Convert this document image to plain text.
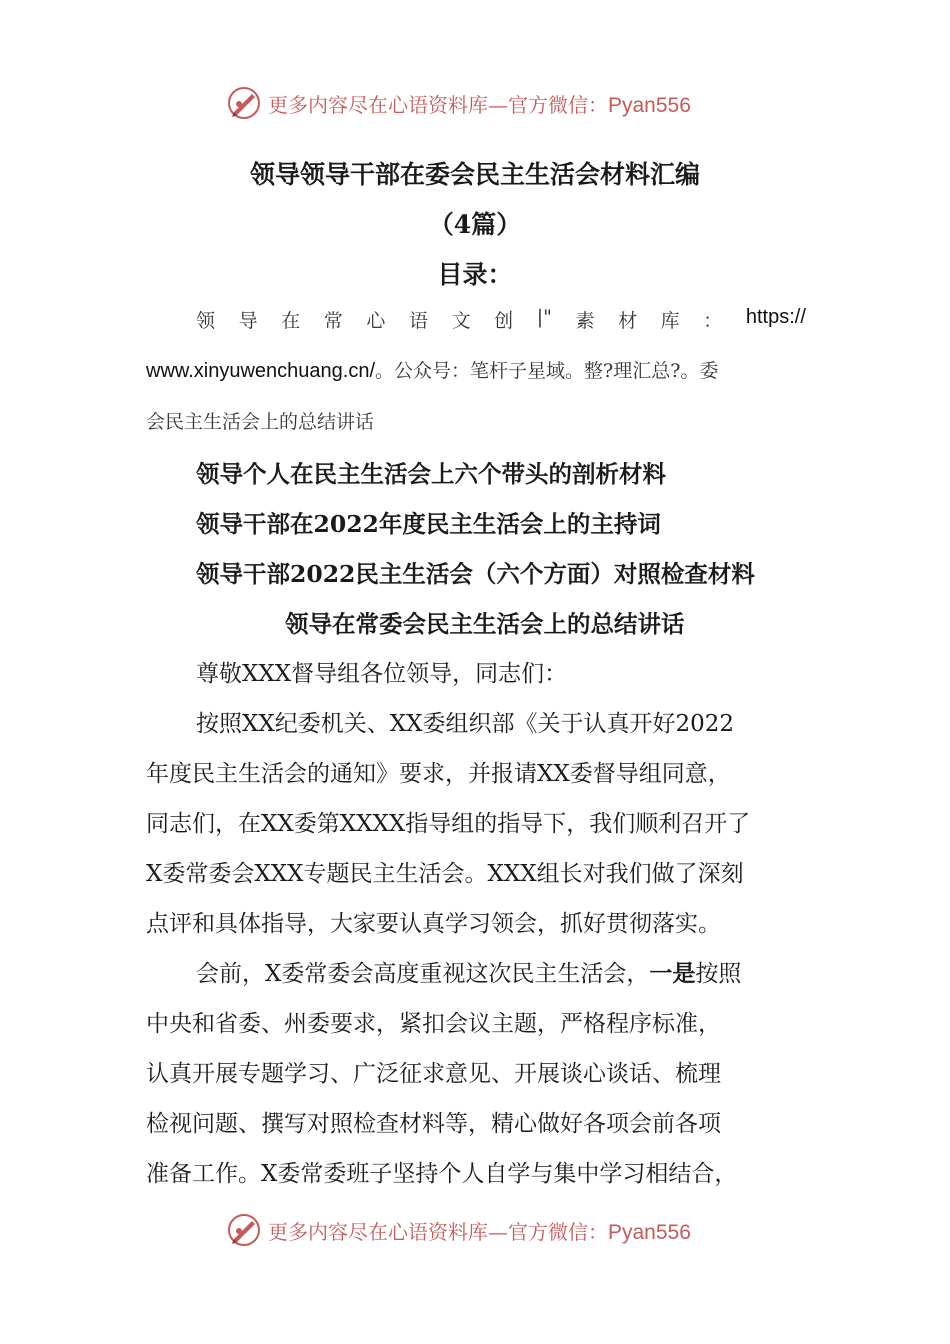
更多内容尽在心语资料库—官方微信：Pyan556
领导领导干部在委会民主生活会材料汇编
（4篇）
目录：
领 导 在 常 心 语 文 创 |" 素 材 库 ： https://
www.xinyuwenchuang.cn/。公众号：笔杆子星域。整?理汇总?。委
会民主生活会上的总结讲话
领导个人在民主生活会上六个带头的剖析材料
领导干部在2022年度民主生活会上的主持词
领导干部2022民主生活会（六个方面）对照检查材料
领导在常委会民主生活会上的总结讲话
尊敬XXX督导组各位领导，同志们：
按照XX纪委机关、XX委组织部《关于认真开好2022
年度民主生活会的通知》要求，并报请XX委督导组同意，
同志们，在XX委第XXXX指导组的指导下，我们顺利召开了
X委常委会XXX专题民主生活会。XXX组长对我们做了深刻
点评和具体指导，大家要认真学习领会，抓好贯彻落实。
会前，X委常委会高度重视这次民主生活会，一是按照
中央和省委、州委要求，紧扣会议主题，严格程序标准，
认真开展专题学习、广泛征求意见、开展谈心谈话、梳理
检视问题、撰写对照检查材料等，精心做好各项会前各项
准备工作。X委常委班子坚持个人自学与集中学习相结合，
更多内容尽在心语资料库—官方微信：Pyan556
